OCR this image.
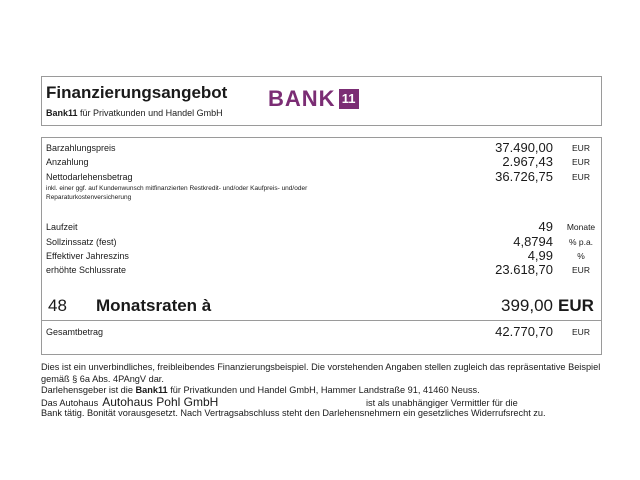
Finanzierungsangebot
Bank11 für Privatkunden und Handel GmbH
BANK 11
Barzahlungspreis	37.490,00	EUR
Anzahlung	2.967,43	EUR
Nettodarlehensbetrag	36.726,75	EUR
inkl. einer ggf. auf Kundenwunsch mitfinanzierten Restkredit- und/oder Kaufpreis- und/oder Reparaturkostenversicherung
Laufzeit	49	Monate
Sollzinssatz (fest)	4,8794	% p.a.
Effektiver Jahreszins	4,99	%
erhöhte Schlussrate	23.618,70	EUR
48 Monatsraten à	399,00 EUR
Gesamtbetrag	42.770,70	EUR

Dies ist ein unverbindliches, freibleibendes Finanzierungsbeispiel. Die vorstehenden Angaben stellen zugleich das repräsentative Beispiel gemäß § 6a Abs. 4PAngV dar.

Darlehensgeber ist die Bank11 für Privatkunden und Handel GmbH, Hammer Landstraße 91, 41460 Neuss.

Das Autohaus Autohaus Pohl GmbH	ist als unabhängiger Vermittler für die

Bank tätig. Bonität vorausgesetzt. Nach Vertragsabschluss steht den Darlehensnehmern ein gesetzliches Widerrufsrecht zu.
